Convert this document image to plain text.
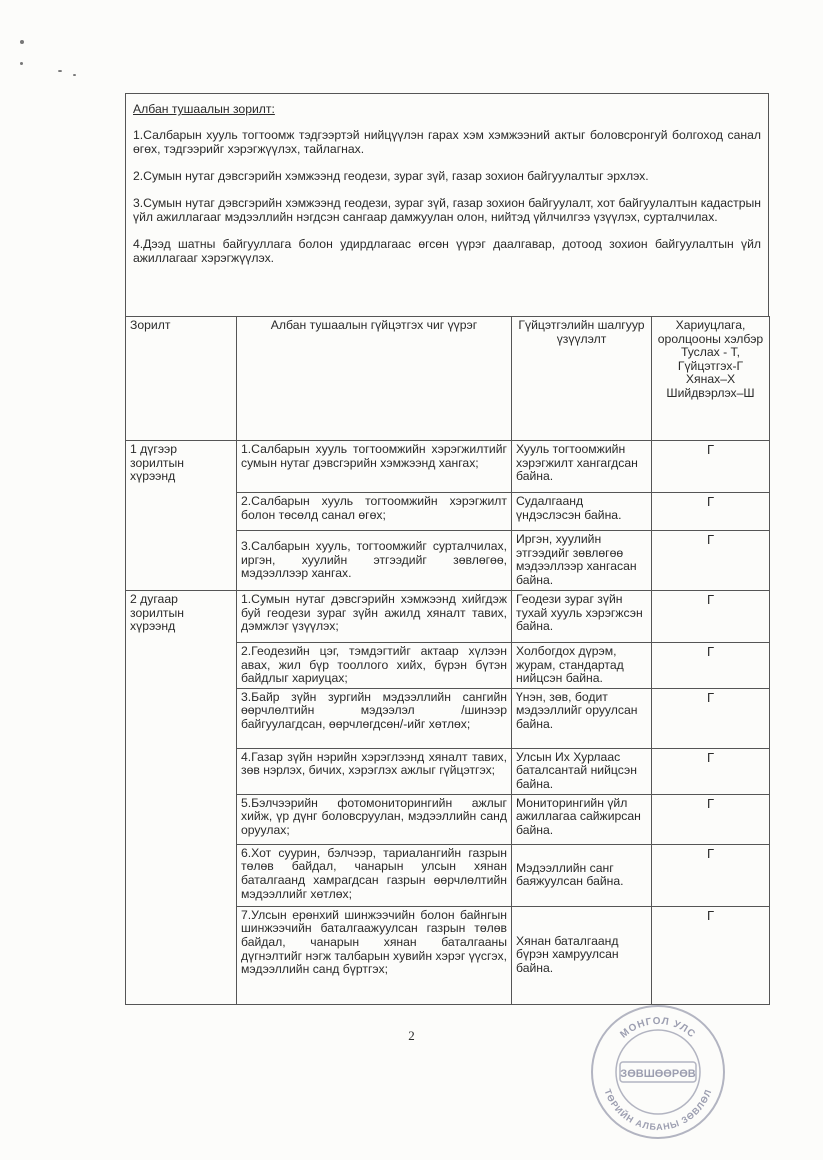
Албан тушаалын зорилт:

1.Салбарын хууль тогтоомж тэдгээртэй нийцүүлэн гарах хэм хэмжээний актыг боловсронгуй болгоход санал өгөх, тэдгээрийг хэрэгжүүлэх, тайлагнах.

2.Сумын нутаг дэвсгэрийн хэмжээнд геодези, зураг зүй, газар зохион байгуулалтыг эрхлэх.

3.Сумын нутаг дэвсгэрийн хэмжээнд геодези, зураг зүй, газар зохион байгуулалт, хот байгуулалтын кадастрын үйл ажиллагааг мэдээллийн нэгдсэн сангаар дамжуулан олон, нийтэд үйлчилгээ үзүүлэх, сурталчилах.

4.Дээд шатны байгууллага болон удирдлагаас өгсөн үүрэг даалгавар, дотоод зохион байгуулалтын үйл ажиллагааг хэрэгжүүлэх.

Зорилт	Албан тушаалын гүйцэтгэх чиг үүрэг	Гүйцэтгэлийн шалгуур үзүүлэлт	Хариуцлага, оролцооны хэлбэр Туслах - Т, Гүйцэтгэх-Г Хянах–Х Шийдвэрлэх–Ш
1 дүгээр зорилтын хүрээнд	1.Салбарын хууль тогтоомжийн хэрэгжилтийг сумын нутаг дэвсгэрийн хэмжээнд хангах;	Хууль тогтоомжийн хэрэгжилт хангагдсан байна.	Г
	2.Салбарын хууль тогтоомжийн хэрэгжилт болон төсөлд санал өгөх;	Судалгаанд үндэслэсэн байна.	Г
	3.Салбарын хууль, тогтоомжийг сурталчилах, иргэн, хуулийн этгээдийг зөвлөгөө, мэдээллээр хангах.	Иргэн, хуулийн этгээдийг зөвлөгөө мэдээллээр хангасан байна.	Г
2 дугаар зорилтын хүрээнд	1.Сумын нутаг дэвсгэрийн хэмжээнд хийгдэж буй геодези зураг зүйн ажилд хяналт тавих, дэмжлэг үзүүлэх;	Геодези зураг зүйн тухай хууль хэрэгжсэн байна.	Г
	2.Геодезийн цэг, тэмдэгтийг актаар хүлээн авах, жил бүр тооллого хийх, бүрэн бүтэн байдлыг хариуцах;	Холбогдох дүрэм, журам, стандартад нийцсэн байна.	Г
	3.Байр зүйн зургийн мэдээллийн сангийн өөрчлөлтийн мэдээлэл /шинээр байгуулагдсан, өөрчлөгдсөн/-ийг хөтлөх;	Үнэн, зөв, бодит мэдээллийг оруулсан байна.	Г
	4.Газар зүйн нэрийн хэрэглээнд хяналт тавих, зөв нэрлэх, бичих, хэрэглэх ажлыг гүйцэтгэх;	Улсын Их Хурлаас баталсантай нийцсэн байна.	Г
	5.Бэлчээрийн фотомониторингийн ажлыг хийж, үр дүнг боловсруулан, мэдээллийн санд оруулах;	Мониторингийн үйл ажиллагаа сайжирсан байна.	Г
	6.Хот суурин, бэлчээр, тариалангийн газрын төлөв байдал, чанарын улсын хянан баталгаанд хамрагдсан газрын өөрчлөлтийн мэдээллийг хөтлөх;	Мэдээллийн санг баяжуулсан байна.	Г
	7.Улсын ерөнхий шинжээчийн болон байнгын шинжээчийн баталгаажуулсан газрын төлөв байдал, чанарын хянан баталгааны дүгнэлтийг нэгж талбарын хувийн хэрэг үүсгэх, мэдээллийн санд бүртгэх;	Хянан баталгаанд бүрэн хамруулсан байна.	Г
2	МОНГОЛ УЛС
ТӨРИЙН АЛБАНЫ ЗӨВЛӨЛ
ЗӨВШӨӨРӨВ
